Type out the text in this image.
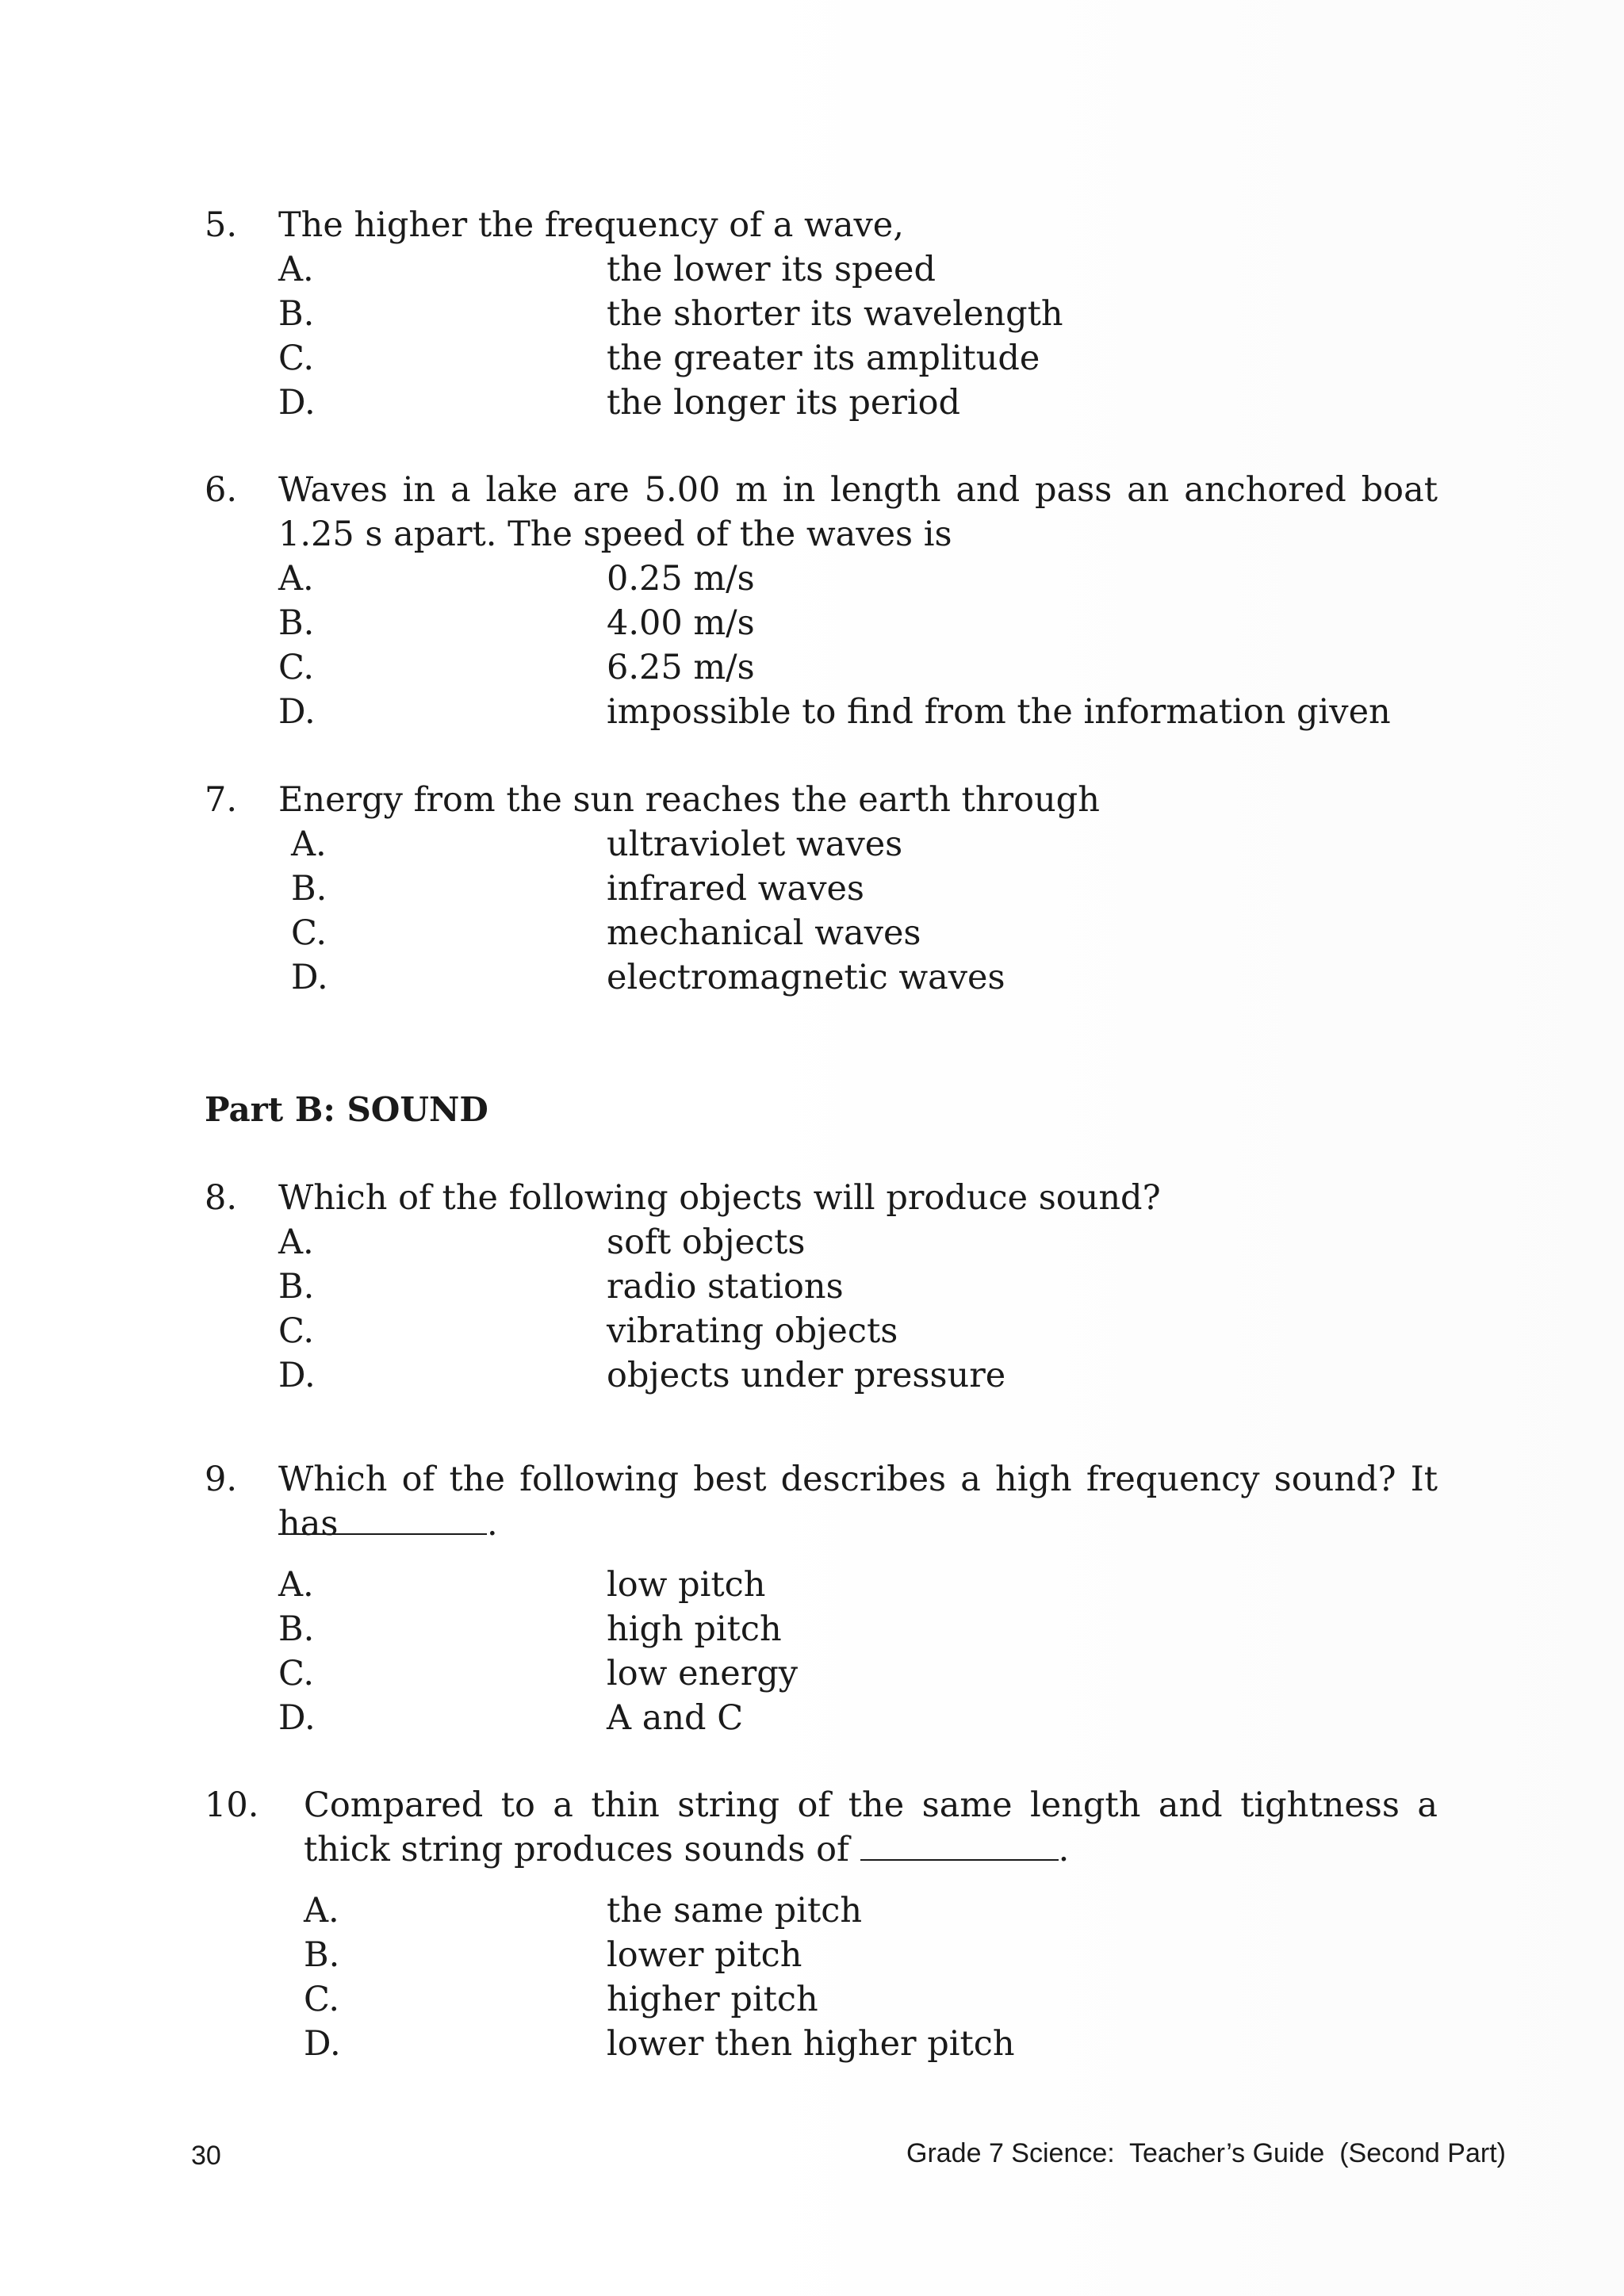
5. The higher the frequency of a wave,
A.	the lower its speed
B.	the shorter its wavelength
C.	the greater its amplitude
D.	the longer its period
6. Waves in a lake are 5.00 m in length and pass an anchored boat 1.25 s apart. The speed of the waves is
A.	0.25 m/s
B.	4.00 m/s
C.	6.25 m/s
D.	impossible to find from the information given
7. Energy from the sun reaches the earth through
A.	ultraviolet waves
B.	infrared waves
C.	mechanical waves
D.	electromagnetic waves
Part B: SOUND
8. Which of the following objects will produce sound?
A.	soft objects
B.	radio stations
C.	vibrating objects
D.	objects under pressure
9. Which of the following best describes a high frequency sound? It has	.
A.	low pitch
B.	high pitch
C.	low energy
D.	A and C
10. Compared to a thin string of the same length and tightness a thick string produces sounds of	.
A.	the same pitch
B.	lower pitch
C.	higher pitch
D.	lower then higher pitch
30	Grade 7 Science:  Teacher’s Guide  (Second Part)
